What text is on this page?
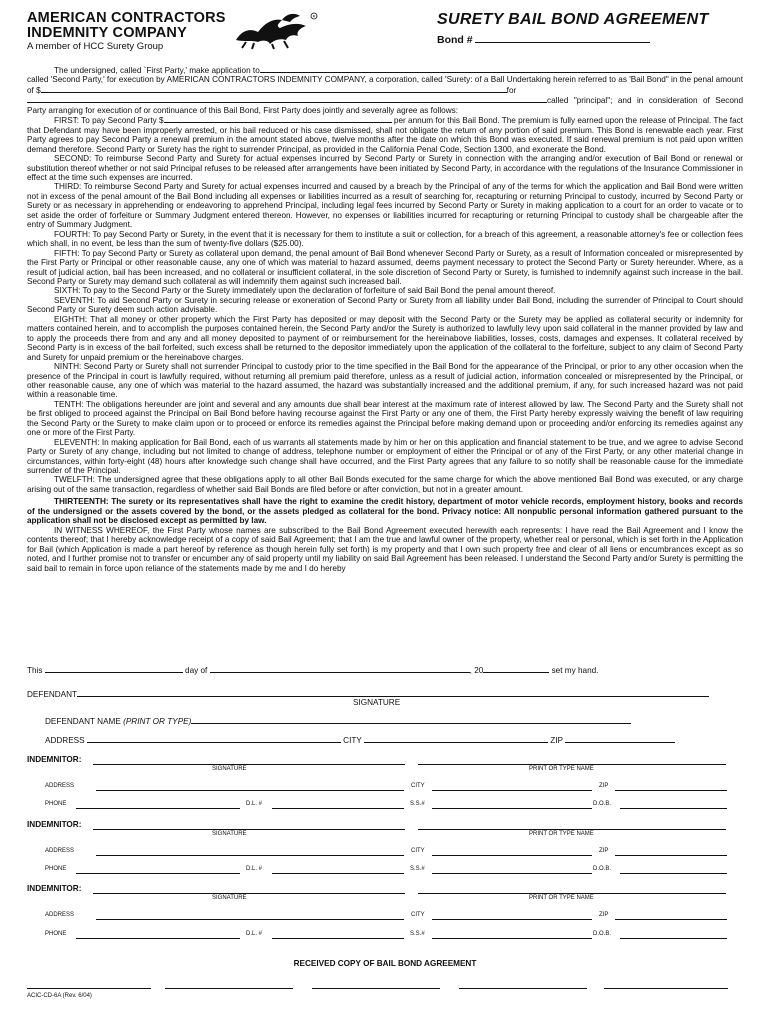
AMERICAN CONTRACTORS
INDEMNITY COMPANY
A member of HCC Surety Group
R	SURETY BAIL BOND AGREEMENT
Bond #

The undersigned, called `First Party,' make application to

called 'Second Party,' for execution by AMERICAN CONTRACTORS INDEMNITY COMPANY, a corporation, called 'Surety: of a Ball Undertaking herein referred to as 'Bail Bond" in the penal amount of $	for

called "principal"; and in consideration of Second Party arranging for execution of or continuance of this Bail Bond, First Party does jointly and severally agree as follows:

FIRST: To pay Second Party $	per annum for this Bail Bond. The premium is fully earned upon the release of Principal. The fact that Defendant may have been improperly arrested, or his bail reduced or his case dismissed, shall not obligate the return of any portion of said premium. This Bond is renewable each year. First Party agrees to pay Second Party a renewal premium in the amount stated above, twelve months after the date on which this Bond was executed. If said renewal premium is not paid upon written demand therefore. Second Party or Surety has the right to surrender Principal, as provided in the California Penal Code, Section 1300, and exonerate the Bond.

SECOND: To reimburse Second Party and Surety for actual expenses incurred by Second Party or Surety in connection with the arranging and/or execution of Bail Bond or renewal or substitution thereof whether or not said Principal refuses to be released after arrangements have been initiated by Second Party, in accordance with the regulations of the Insurance Commissioner in effect at the time such expenses are incurred.

THIRD: To reimburse Second Party and Surety for actual expenses incurred and caused by a breach by the Principal of any of the terms for which the application and Bail Bond were written not in excess of the penal amount of the Bail Bond including all expenses or liabilities incurred as a result of searching for, recapturing or returning Principal to custody, incurred by Second Party or Surety or as necessary in apprehending or endeavoring to apprehend Principal, including legal fees incurred by Second Party or Surety in making application to a court for an order to vacate or to set aside the order of forfeiture or Summary Judgment entered thereon. However, no expenses or liabilities incurred for recapturing or returning Principal to custody shall be chargeable after the entry of Summary Judgment.

FOURTH: To pay Second Party or Surety, in the event that it is necessary for them to institute a suit or collection, for a breach of this agreement, a reasonable attorney's fee or collection fees which shall, in no event, be less than the sum of twenty-five dollars ($25.00).

FIFTH: To pay Second Party or Surety as collateral upon demand, the penal amount of Bail Bond whenever Second Party or Surety, as a result of Information concealed or misrepresented by the First Party or Principal or other reasonable cause, any one of which was material to hazard assumed, deems payment necessary to protect the Second Party or Surety hereunder. Where, as a result of judicial action, bail has been increased, and no collateral or insufficient collateral, in the sole discretion of Second Party or Surety, is furnished to indemnify against such increase in the bail. Second Party or Surety may demand such collateral as will indemnify them against such increased bail.

SIXTH: To pay to the Second Party or the Surety immediately upon the declaration of forfeiture of said Bail Bond the penal amount thereof.

SEVENTH: To aid Second Party or Surety in securing release or exoneration of Second Party or Surety from all liability under Bail Bond, including the surrender of Principal to Court should Second Party or Surety deem such action advisable.

EIGHTH: That all money or other property which the First Party has deposited or may deposit with the Second Party or the Surety may be applied as collateral security or indemnity for matters contained herein, and to accomplish the purposes contained herein, the Second Party and/or the Surety is authorized to lawfully levy upon said collateral in the manner provided by law and to apply the proceeds there from and any and all money deposited to payment of or reimbursement for the hereinabove liabilities, losses, costs, damages and expenses. It collateral received by Second Party is in excess of the bail forfeited, such excess shall be returned to the depositor immediately upon the application of the collateral to the forfeiture, subject to any claim of Second Party and Surety for unpaid premium or the hereinabove charges.

NINTH: Second Party or Surety shall not surrender Principal to custody prior to the time specified in the Bail Bond for the appearance of the Principal, or prior to any other occasion when the presence of the Principal in court is lawfully required, without returning all premium paid therefore, unless as a result of judicial action, information concealed or misrepresented by the Principal, or other reasonable cause, any one of which was material to the hazard assumed, the hazard was substantially increased and the additional premium, if any, for such increased hazard was not paid within a reasonable time.

TENTH: The obligations hereunder are joint and several and any amounts due shall bear interest at the maximum rate of interest allowed by law. The Second Party and the Surety shall not be first obliged to proceed against the Principal on Bail Bond before having recourse against the First Party or any one of them, the First Party hereby expressly waiving the benefit of law requiring the Second Party or the Surety to make claim upon or to proceed or enforce its remedies against the Principal before making demand upon or proceeding and/or enforcing its remedies against any one or more of the First Party.

ELEVENTH: In making application for Bail Bond, each of us warrants all statements made by him or her on this application and financial statement to be true, and we agree to advise Second Party or Surety of any change, including but not limited to change of address, telephone number or employment of either the Principal or of any of the First Party, or any other material change in circumstances, within forty-eight (48) hours after knowledge such change shall have occurred, and the First Party agrees that any failure to so notify shall be reasonable cause for the immediate surrender of the Principal.

TWELFTH: The undersigned agree that these obligations apply to all other Bail Bonds executed for the same charge for which the above mentioned Bail Bond was executed, or any charge arising out of the same transaction, regardless of whether said Bail Bonds are filed before or after conviction, but not in a greater amount.

THIRTEENTH: The surety or its representatives shall have the right to examine the credit history, department of motor vehicle records, employment history, books and records of the undersigned or the assets covered by the bond, or the assets pledged as collateral for the bond. Privacy notice: All nonpublic personal information gathered pursuant to the application shall not be disclosed except as permitted by law.

IN WITNESS WHEREOF, the First Party whose names are subscribed to the Bail Bond Agreement executed herewith each represents: I have read the Bail Agreement and I know the contents thereof; that I hereby acknowledge receipt of a copy of said Bail Agreement; that I am the true and lawful owner of the property, whether real or personal, which is set forth in the Application for Bail (which Application is made a part hereof by reference as though herein fully set forth) is my property and that I own such property free and clear of all liens or encumbrances except as so noted, and I further promise not to transfer or encumber any of said property until my liability on said Bail Agreement has been released. I understand the Second Party and/or Surety is permitting the said bail to remain in force upon reliance of the statements made by me and I do hereby

This	day of	, 20	set my hand.
DEFENDANT
SIGNATURE
DEFENDANT NAME (PRINT OR TYPE)
ADDRESS	CITY	ZIP
INDEMNITOR:
SIGNATURE	PRINT OR TYPE NAME
ADDRESS	CITY	ZIP
PHONE	D.L. #	S.S.#	D.O.B.
INDEMNITOR:
SIGNATURE	PRINT OR TYPE NAME
ADDRESS	CITY	ZIP
PHONE	D.L. #	S.S.#	D.O.B.
INDEMNITOR:
SIGNATURE	PRINT OR TYPE NAME
ADDRESS	CITY	ZIP
PHONE	D.L. #	S.S.#	D.O.B.
RECEIVED COPY OF BAIL BOND AGREEMENT
ACIC-CD-6A (Rev. 6/04)
